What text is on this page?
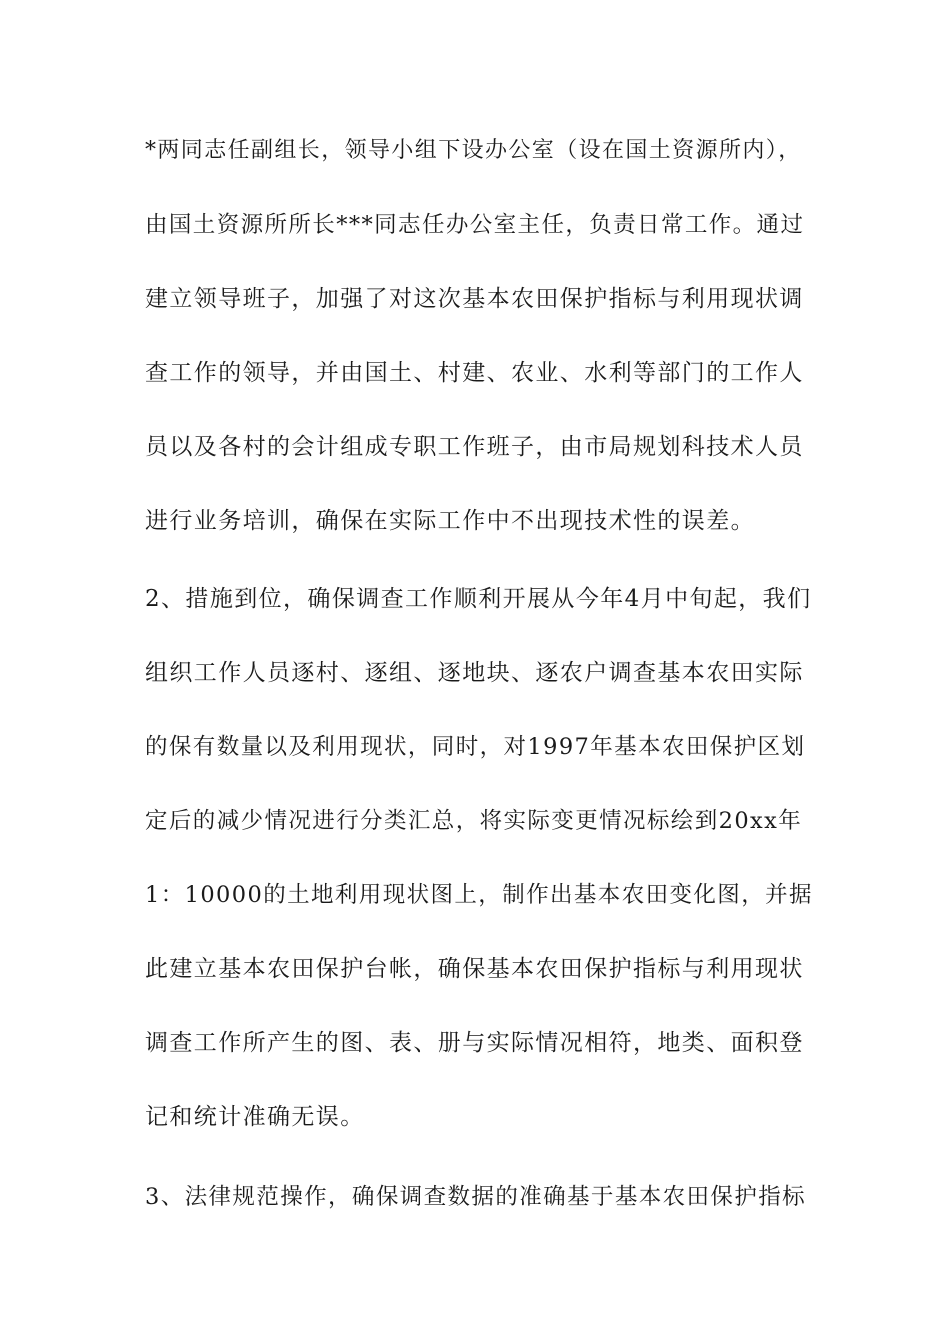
*两同志任副组长，领导小组下设办公室（设在国土资源所内），
由国土资源所所长***同志任办公室主任，负责日常工作。通过
建立领导班子，加强了对这次基本农田保护指标与利用现状调
查工作的领导，并由国土、村建、农业、水利等部门的工作人
员以及各村的会计组成专职工作班子，由市局规划科技术人员
进行业务培训，确保在实际工作中不出现技术性的误差。
2、措施到位，确保调查工作顺利开展从今年4月中旬起，我们
组织工作人员逐村、逐组、逐地块、逐农户调查基本农田实际
的保有数量以及利用现状，同时，对1997年基本农田保护区划
定后的减少情况进行分类汇总，将实际变更情况标绘到20xx年
1：10000的土地利用现状图上，制作出基本农田变化图，并据
此建立基本农田保护台帐，确保基本农田保护指标与利用现状
调查工作所产生的图、表、册与实际情况相符，地类、面积登
记和统计准确无误。
3、法律规范操作，确保调查数据的准确基于基本农田保护指标
